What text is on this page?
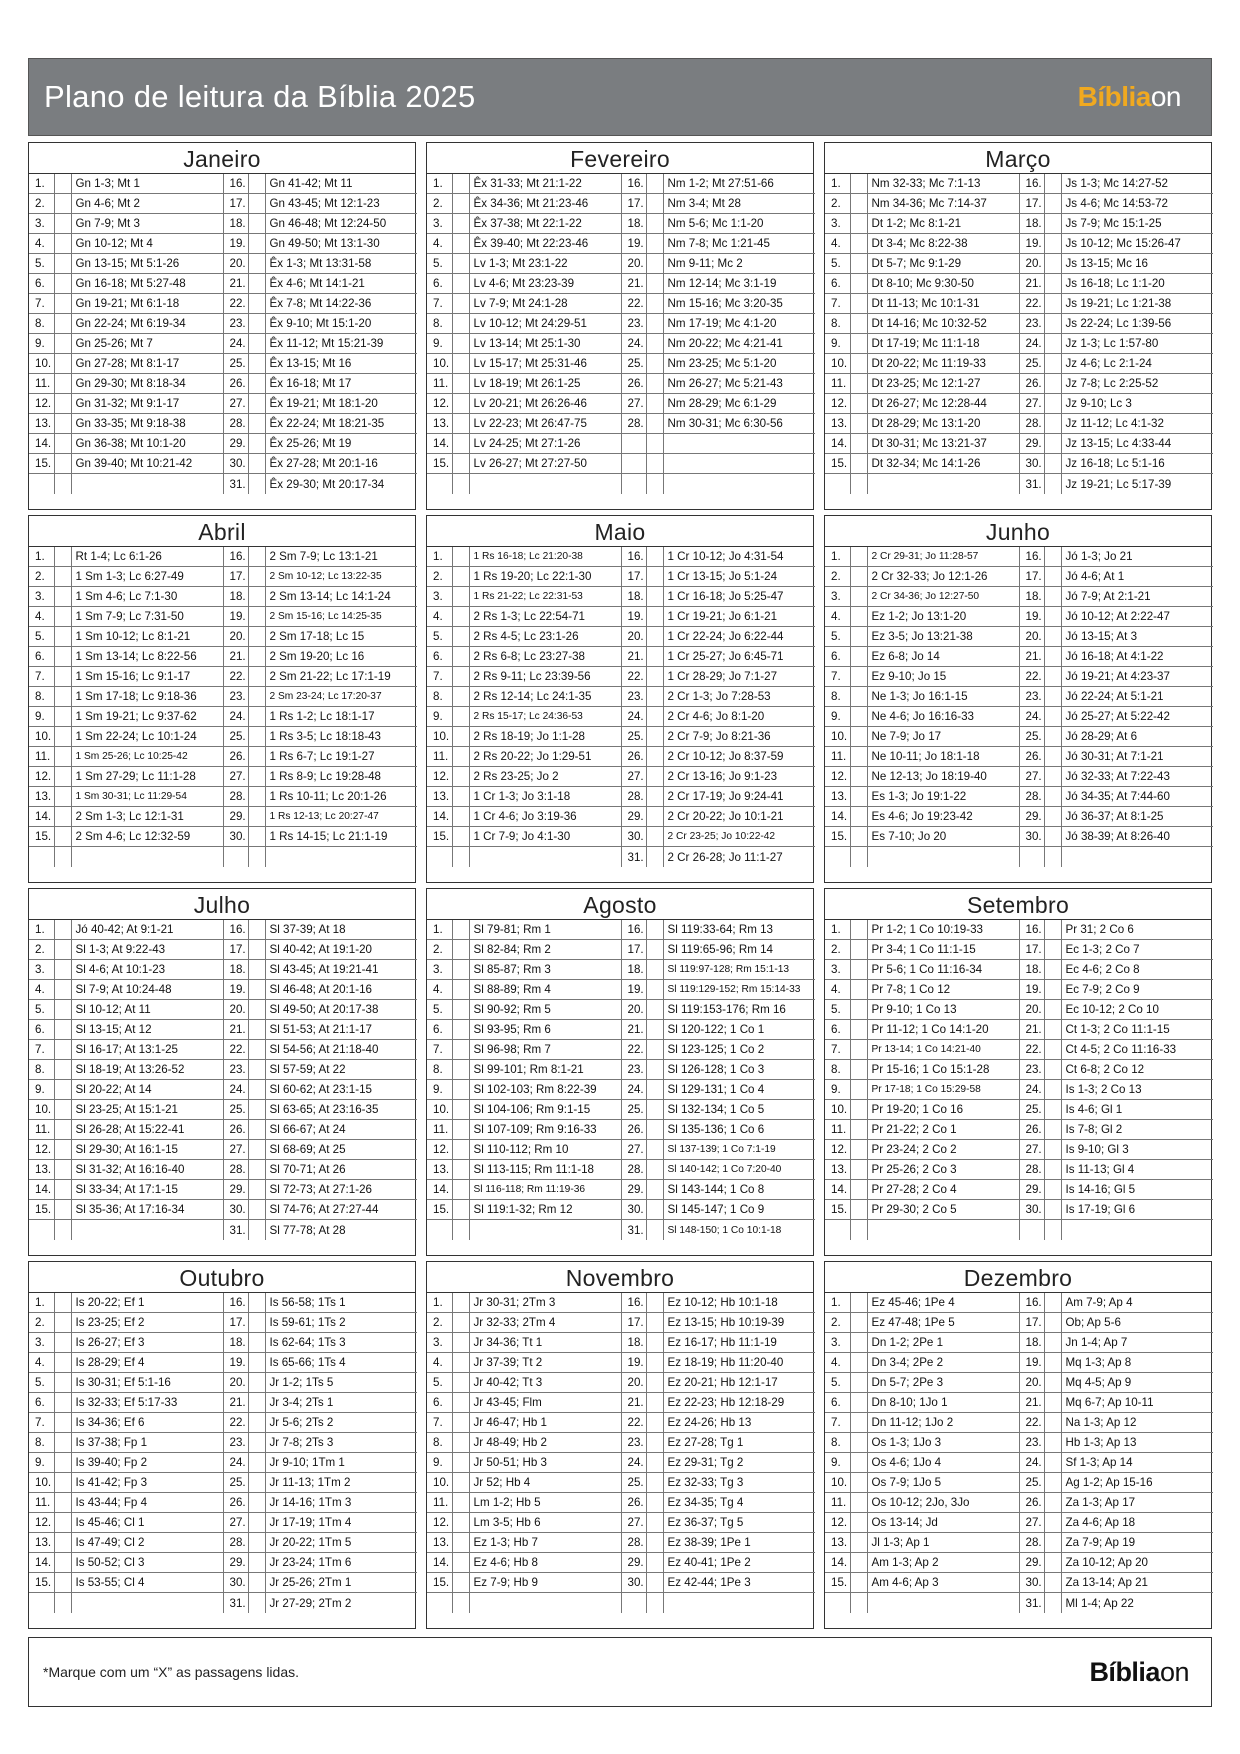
Plano de leitura da Bíblia 2025	Bíbliaon
Janeiro
1.		Gn 1-3; Mt 1	16.		Gn 41-42; Mt 11
2.		Gn 4-6; Mt 2	17.		Gn 43-45; Mt 12:1-23
3.		Gn 7-9; Mt 3	18.		Gn 46-48; Mt 12:24-50
4.		Gn 10-12; Mt 4	19.		Gn 49-50; Mt 13:1-30
5.		Gn 13-15; Mt 5:1-26	20.		Êx 1-3; Mt 13:31-58
6.		Gn 16-18; Mt 5:27-48	21.		Êx 4-6; Mt 14:1-21
7.		Gn 19-21; Mt 6:1-18	22.		Êx 7-8; Mt 14:22-36
8.		Gn 22-24; Mt 6:19-34	23.		Êx 9-10; Mt 15:1-20
9.		Gn 25-26; Mt 7	24.		Êx 11-12; Mt 15:21-39
10.		Gn 27-28; Mt 8:1-17	25.		Êx 13-15; Mt 16
11.		Gn 29-30; Mt 8:18-34	26.		Êx 16-18; Mt 17
12.		Gn 31-32; Mt 9:1-17	27.		Êx 19-21; Mt 18:1-20
13.		Gn 33-35; Mt 9:18-38	28.		Êx 22-24; Mt 18:21-35
14.		Gn 36-38; Mt 10:1-20	29.		Êx 25-26; Mt 19
15.		Gn 39-40; Mt 10:21-42	30.		Êx 27-28; Mt 20:1-16
			31.		Êx 29-30; Mt 20:17-34
Fevereiro
1.		Êx 31-33; Mt 21:1-22	16.		Nm 1-2; Mt 27:51-66
2.		Êx 34-36; Mt 21:23-46	17.		Nm 3-4; Mt 28
3.		Êx 37-38; Mt 22:1-22	18.		Nm 5-6; Mc 1:1-20
4.		Êx 39-40; Mt 22:23-46	19.		Nm 7-8; Mc 1:21-45
5.		Lv 1-3; Mt 23:1-22	20.		Nm 9-11; Mc 2
6.		Lv 4-6; Mt 23:23-39	21.		Nm 12-14; Mc 3:1-19
7.		Lv 7-9; Mt 24:1-28	22.		Nm 15-16; Mc 3:20-35
8.		Lv 10-12; Mt 24:29-51	23.		Nm 17-19; Mc 4:1-20
9.		Lv 13-14; Mt 25:1-30	24.		Nm 20-22; Mc 4:21-41
10.		Lv 15-17; Mt 25:31-46	25.		Nm 23-25; Mc 5:1-20
11.		Lv 18-19; Mt 26:1-25	26.		Nm 26-27; Mc 5:21-43
12.		Lv 20-21; Mt 26:26-46	27.		Nm 28-29; Mc 6:1-29
13.		Lv 22-23; Mt 26:47-75	28.		Nm 30-31; Mc 6:30-56
14.		Lv 24-25; Mt 27:1-26			
15.		Lv 26-27; Mt 27:27-50			

Março
1.		Nm 32-33; Mc 7:1-13	16.		Js 1-3; Mc 14:27-52
2.		Nm 34-36; Mc 7:14-37	17.		Js 4-6; Mc 14:53-72
3.		Dt 1-2; Mc 8:1-21	18.		Js 7-9; Mc 15:1-25
4.		Dt 3-4; Mc 8:22-38	19.		Js 10-12; Mc 15:26-47
5.		Dt 5-7; Mc 9:1-29	20.		Js 13-15; Mc 16
6.		Dt 8-10; Mc 9:30-50	21.		Js 16-18; Lc 1:1-20
7.		Dt 11-13; Mc 10:1-31	22.		Js 19-21; Lc 1:21-38
8.		Dt 14-16; Mc 10:32-52	23.		Js 22-24; Lc 1:39-56
9.		Dt 17-19; Mc 11:1-18	24.		Jz 1-3; Lc 1:57-80
10.		Dt 20-22; Mc 11:19-33	25.		Jz 4-6; Lc 2:1-24
11.		Dt 23-25; Mc 12:1-27	26.		Jz 7-8; Lc 2:25-52
12.		Dt 26-27; Mc 12:28-44	27.		Jz 9-10; Lc 3
13.		Dt 28-29; Mc 13:1-20	28.		Jz 11-12; Lc 4:1-32
14.		Dt 30-31; Mc 13:21-37	29.		Jz 13-15; Lc 4:33-44
15.		Dt 32-34; Mc 14:1-26	30.		Jz 16-18; Lc 5:1-16
			31.		Jz 19-21; Lc 5:17-39
Abril
1.		Rt 1-4; Lc 6:1-26	16.		2 Sm 7-9; Lc 13:1-21
2.		1 Sm 1-3; Lc 6:27-49	17.		2 Sm 10-12; Lc 13:22-35
3.		1 Sm 4-6; Lc 7:1-30	18.		2 Sm 13-14; Lc 14:1-24
4.		1 Sm 7-9; Lc 7:31-50	19.		2 Sm 15-16; Lc 14:25-35
5.		1 Sm 10-12; Lc 8:1-21	20.		2 Sm 17-18; Lc 15
6.		1 Sm 13-14; Lc 8:22-56	21.		2 Sm 19-20; Lc 16
7.		1 Sm 15-16; Lc 9:1-17	22.		2 Sm 21-22; Lc 17:1-19
8.		1 Sm 17-18; Lc 9:18-36	23.		2 Sm 23-24; Lc 17:20-37
9.		1 Sm 19-21; Lc 9:37-62	24.		1 Rs 1-2; Lc 18:1-17
10.		1 Sm 22-24; Lc 10:1-24	25.		1 Rs 3-5; Lc 18:18-43
11.		1 Sm 25-26; Lc 10:25-42	26.		1 Rs 6-7; Lc 19:1-27
12.		1 Sm 27-29; Lc 11:1-28	27.		1 Rs 8-9; Lc 19:28-48
13.		1 Sm 30-31; Lc 11:29-54	28.		1 Rs 10-11; Lc 20:1-26
14.		2 Sm 1-3; Lc 12:1-31	29.		1 Rs 12-13; Lc 20:27-47
15.		2 Sm 4-6; Lc 12:32-59	30.		1 Rs 14-15; Lc 21:1-19

Maio
1.		1 Rs 16-18; Lc 21:20-38	16.		1 Cr 10-12; Jo 4:31-54
2.		1 Rs 19-20; Lc 22:1-30	17.		1 Cr 13-15; Jo 5:1-24
3.		1 Rs 21-22; Lc 22:31-53	18.		1 Cr 16-18; Jo 5:25-47
4.		2 Rs 1-3; Lc 22:54-71	19.		1 Cr 19-21; Jo 6:1-21
5.		2 Rs 4-5; Lc 23:1-26	20.		1 Cr 22-24; Jo 6:22-44
6.		2 Rs 6-8; Lc 23:27-38	21.		1 Cr 25-27; Jo 6:45-71
7.		2 Rs 9-11; Lc 23:39-56	22.		1 Cr 28-29; Jo 7:1-27
8.		2 Rs 12-14; Lc 24:1-35	23.		2 Cr 1-3; Jo 7:28-53
9.		2 Rs 15-17; Lc 24:36-53	24.		2 Cr 4-6; Jo 8:1-20
10.		2 Rs 18-19; Jo 1:1-28	25.		2 Cr 7-9; Jo 8:21-36
11.		2 Rs 20-22; Jo 1:29-51	26.		2 Cr 10-12; Jo 8:37-59
12.		2 Rs 23-25; Jo 2	27.		2 Cr 13-16; Jo 9:1-23
13.		1 Cr 1-3; Jo 3:1-18	28.		2 Cr 17-19; Jo 9:24-41
14.		1 Cr 4-6; Jo 3:19-36	29.		2 Cr 20-22; Jo 10:1-21
15.		1 Cr 7-9; Jo 4:1-30	30.		2 Cr 23-25; Jo 10:22-42
			31.		2 Cr 26-28; Jo 11:1-27
Junho
1.		2 Cr 29-31; Jo 11:28-57	16.		Jó 1-3; Jo 21
2.		2 Cr 32-33; Jo 12:1-26	17.		Jó 4-6; At 1
3.		2 Cr 34-36; Jo 12:27-50	18.		Jó 7-9; At 2:1-21
4.		Ez 1-2; Jo 13:1-20	19.		Jó 10-12; At 2:22-47
5.		Ez 3-5; Jo 13:21-38	20.		Jó 13-15; At 3
6.		Ez 6-8; Jo 14	21.		Jó 16-18; At 4:1-22
7.		Ez 9-10; Jo 15	22.		Jó 19-21; At 4:23-37
8.		Ne 1-3; Jo 16:1-15	23.		Jó 22-24; At 5:1-21
9.		Ne 4-6; Jo 16:16-33	24.		Jó 25-27; At 5:22-42
10.		Ne 7-9; Jo 17	25.		Jó 28-29; At 6
11.		Ne 10-11; Jo 18:1-18	26.		Jó 30-31; At 7:1-21
12.		Ne 12-13; Jo 18:19-40	27.		Jó 32-33; At 7:22-43
13.		Es 1-3; Jo 19:1-22	28.		Jó 34-35; At 7:44-60
14.		Es 4-6; Jo 19:23-42	29.		Jó 36-37; At 8:1-25
15.		Es 7-10; Jo 20	30.		Jó 38-39; At 8:26-40

Julho
1.		Jó 40-42; At 9:1-21	16.		Sl 37-39; At 18
2.		Sl 1-3; At 9:22-43	17.		Sl 40-42; At 19:1-20
3.		Sl 4-6; At 10:1-23	18.		Sl 43-45; At 19:21-41
4.		Sl 7-9; At 10:24-48	19.		Sl 46-48; At 20:1-16
5.		Sl 10-12; At 11	20.		Sl 49-50; At 20:17-38
6.		Sl 13-15; At 12	21.		Sl 51-53; At 21:1-17
7.		Sl 16-17; At 13:1-25	22.		Sl 54-56; At 21:18-40
8.		Sl 18-19; At 13:26-52	23.		Sl 57-59; At 22
9.		Sl 20-22; At 14	24.		Sl 60-62; At 23:1-15
10.		Sl 23-25; At 15:1-21	25.		Sl 63-65; At 23:16-35
11.		Sl 26-28; At 15:22-41	26.		Sl 66-67; At 24
12.		Sl 29-30; At 16:1-15	27.		Sl 68-69; At 25
13.		Sl 31-32; At 16:16-40	28.		Sl 70-71; At 26
14.		Sl 33-34; At 17:1-15	29.		Sl 72-73; At 27:1-26
15.		Sl 35-36; At 17:16-34	30.		Sl 74-76; At 27:27-44
			31.		Sl 77-78; At 28
Agosto
1.		Sl 79-81; Rm 1	16.		Sl 119:33-64; Rm 13
2.		Sl 82-84; Rm 2	17.		Sl 119:65-96; Rm 14
3.		Sl 85-87; Rm 3	18.		Sl 119:97-128; Rm 15:1-13
4.		Sl 88-89; Rm 4	19.		Sl 119:129-152; Rm 15:14-33
5.		Sl 90-92; Rm 5	20.		Sl 119:153-176; Rm 16
6.		Sl 93-95; Rm 6	21.		Sl 120-122; 1 Co 1
7.		Sl 96-98; Rm 7	22.		Sl 123-125; 1 Co 2
8.		Sl 99-101; Rm 8:1-21	23.		Sl 126-128; 1 Co 3
9.		Sl 102-103; Rm 8:22-39	24.		Sl 129-131; 1 Co 4
10.		Sl 104-106; Rm 9:1-15	25.		Sl 132-134; 1 Co 5
11.		Sl 107-109; Rm 9:16-33	26.		Sl 135-136; 1 Co 6
12.		Sl 110-112; Rm 10	27.		Sl 137-139; 1 Co 7:1-19
13.		Sl 113-115; Rm 11:1-18	28.		Sl 140-142; 1 Co 7:20-40
14.		Sl 116-118; Rm 11:19-36	29.		Sl 143-144; 1 Co 8
15.		Sl 119:1-32; Rm 12	30.		Sl 145-147; 1 Co 9
			31.		Sl 148-150; 1 Co 10:1-18
Setembro
1.		Pr 1-2; 1 Co 10:19-33	16.		Pr 31; 2 Co 6
2.		Pr 3-4; 1 Co 11:1-15	17.		Ec 1-3; 2 Co 7
3.		Pr 5-6; 1 Co 11:16-34	18.		Ec 4-6; 2 Co 8
4.		Pr 7-8; 1 Co 12	19.		Ec 7-9; 2 Co 9
5.		Pr 9-10; 1 Co 13	20.		Ec 10-12; 2 Co 10
6.		Pr 11-12; 1 Co 14:1-20	21.		Ct 1-3; 2 Co 11:1-15
7.		Pr 13-14; 1 Co 14:21-40	22.		Ct 4-5; 2 Co 11:16-33
8.		Pr 15-16; 1 Co 15:1-28	23.		Ct 6-8; 2 Co 12
9.		Pr 17-18; 1 Co 15:29-58	24.		Is 1-3; 2 Co 13
10.		Pr 19-20; 1 Co 16	25.		Is 4-6; Gl 1
11.		Pr 21-22; 2 Co 1	26.		Is 7-8; Gl 2
12.		Pr 23-24; 2 Co 2	27.		Is 9-10; Gl 3
13.		Pr 25-26; 2 Co 3	28.		Is 11-13; Gl 4
14.		Pr 27-28; 2 Co 4	29.		Is 14-16; Gl 5
15.		Pr 29-30; 2 Co 5	30.		Is 17-19; Gl 6

Outubro
1.		Is 20-22; Ef 1	16.		Is 56-58; 1Ts 1
2.		Is 23-25; Ef 2	17.		Is 59-61; 1Ts 2
3.		Is 26-27; Ef 3	18.		Is 62-64; 1Ts 3
4.		Is 28-29; Ef 4	19.		Is 65-66; 1Ts 4
5.		Is 30-31; Ef 5:1-16	20.		Jr 1-2; 1Ts 5
6.		Is 32-33; Ef 5:17-33	21.		Jr 3-4; 2Ts 1
7.		Is 34-36; Ef 6	22.		Jr 5-6; 2Ts 2
8.		Is 37-38; Fp 1	23.		Jr 7-8; 2Ts 3
9.		Is 39-40; Fp 2	24.		Jr 9-10; 1Tm 1
10.		Is 41-42; Fp 3	25.		Jr 11-13; 1Tm 2
11.		Is 43-44; Fp 4	26.		Jr 14-16; 1Tm 3
12.		Is 45-46; Cl 1	27.		Jr 17-19; 1Tm 4
13.		Is 47-49; Cl 2	28.		Jr 20-22; 1Tm 5
14.		Is 50-52; Cl 3	29.		Jr 23-24; 1Tm 6
15.		Is 53-55; Cl 4	30.		Jr 25-26; 2Tm 1
			31.		Jr 27-29; 2Tm 2
Novembro
1.		Jr 30-31; 2Tm 3	16.		Ez 10-12; Hb 10:1-18
2.		Jr 32-33; 2Tm 4	17.		Ez 13-15; Hb 10:19-39
3.		Jr 34-36; Tt 1	18.		Ez 16-17; Hb 11:1-19
4.		Jr 37-39; Tt 2	19.		Ez 18-19; Hb 11:20-40
5.		Jr 40-42; Tt 3	20.		Ez 20-21; Hb 12:1-17
6.		Jr 43-45; Flm	21.		Ez 22-23; Hb 12:18-29
7.		Jr 46-47; Hb 1	22.		Ez 24-26; Hb 13
8.		Jr 48-49; Hb 2	23.		Ez 27-28; Tg 1
9.		Jr 50-51; Hb 3	24.		Ez 29-31; Tg 2
10.		Jr 52; Hb 4	25.		Ez 32-33; Tg 3
11.		Lm 1-2; Hb 5	26.		Ez 34-35; Tg 4
12.		Lm 3-5; Hb 6	27.		Ez 36-37; Tg 5
13.		Ez 1-3; Hb 7	28.		Ez 38-39; 1Pe 1
14.		Ez 4-6; Hb 8	29.		Ez 40-41; 1Pe 2
15.		Ez 7-9; Hb 9	30.		Ez 42-44; 1Pe 3

Dezembro
1.		Ez 45-46; 1Pe 4	16.		Am 7-9; Ap 4
2.		Ez 47-48; 1Pe 5	17.		Ob; Ap 5-6
3.		Dn 1-2; 2Pe 1	18.		Jn 1-4; Ap 7
4.		Dn 3-4; 2Pe 2	19.		Mq 1-3; Ap 8
5.		Dn 5-7; 2Pe 3	20.		Mq 4-5; Ap 9
6.		Dn 8-10; 1Jo 1	21.		Mq 6-7; Ap 10-11
7.		Dn 11-12; 1Jo 2	22.		Na 1-3; Ap 12
8.		Os 1-3; 1Jo 3	23.		Hb 1-3; Ap 13
9.		Os 4-6; 1Jo 4	24.		Sf 1-3; Ap 14
10.		Os 7-9; 1Jo 5	25.		Ag 1-2; Ap 15-16
11.		Os 10-12; 2Jo, 3Jo	26.		Za 1-3; Ap 17
12.		Os 13-14; Jd	27.		Za 4-6; Ap 18
13.		Jl 1-3; Ap 1	28.		Za 7-9; Ap 19
14.		Am 1-3; Ap 2	29.		Za 10-12; Ap 20
15.		Am 4-6; Ap 3	30.		Za 13-14; Ap 21
			31.		Ml 1-4; Ap 22
*Marque com um “X” as passagens lidas.	Bíbliaon
